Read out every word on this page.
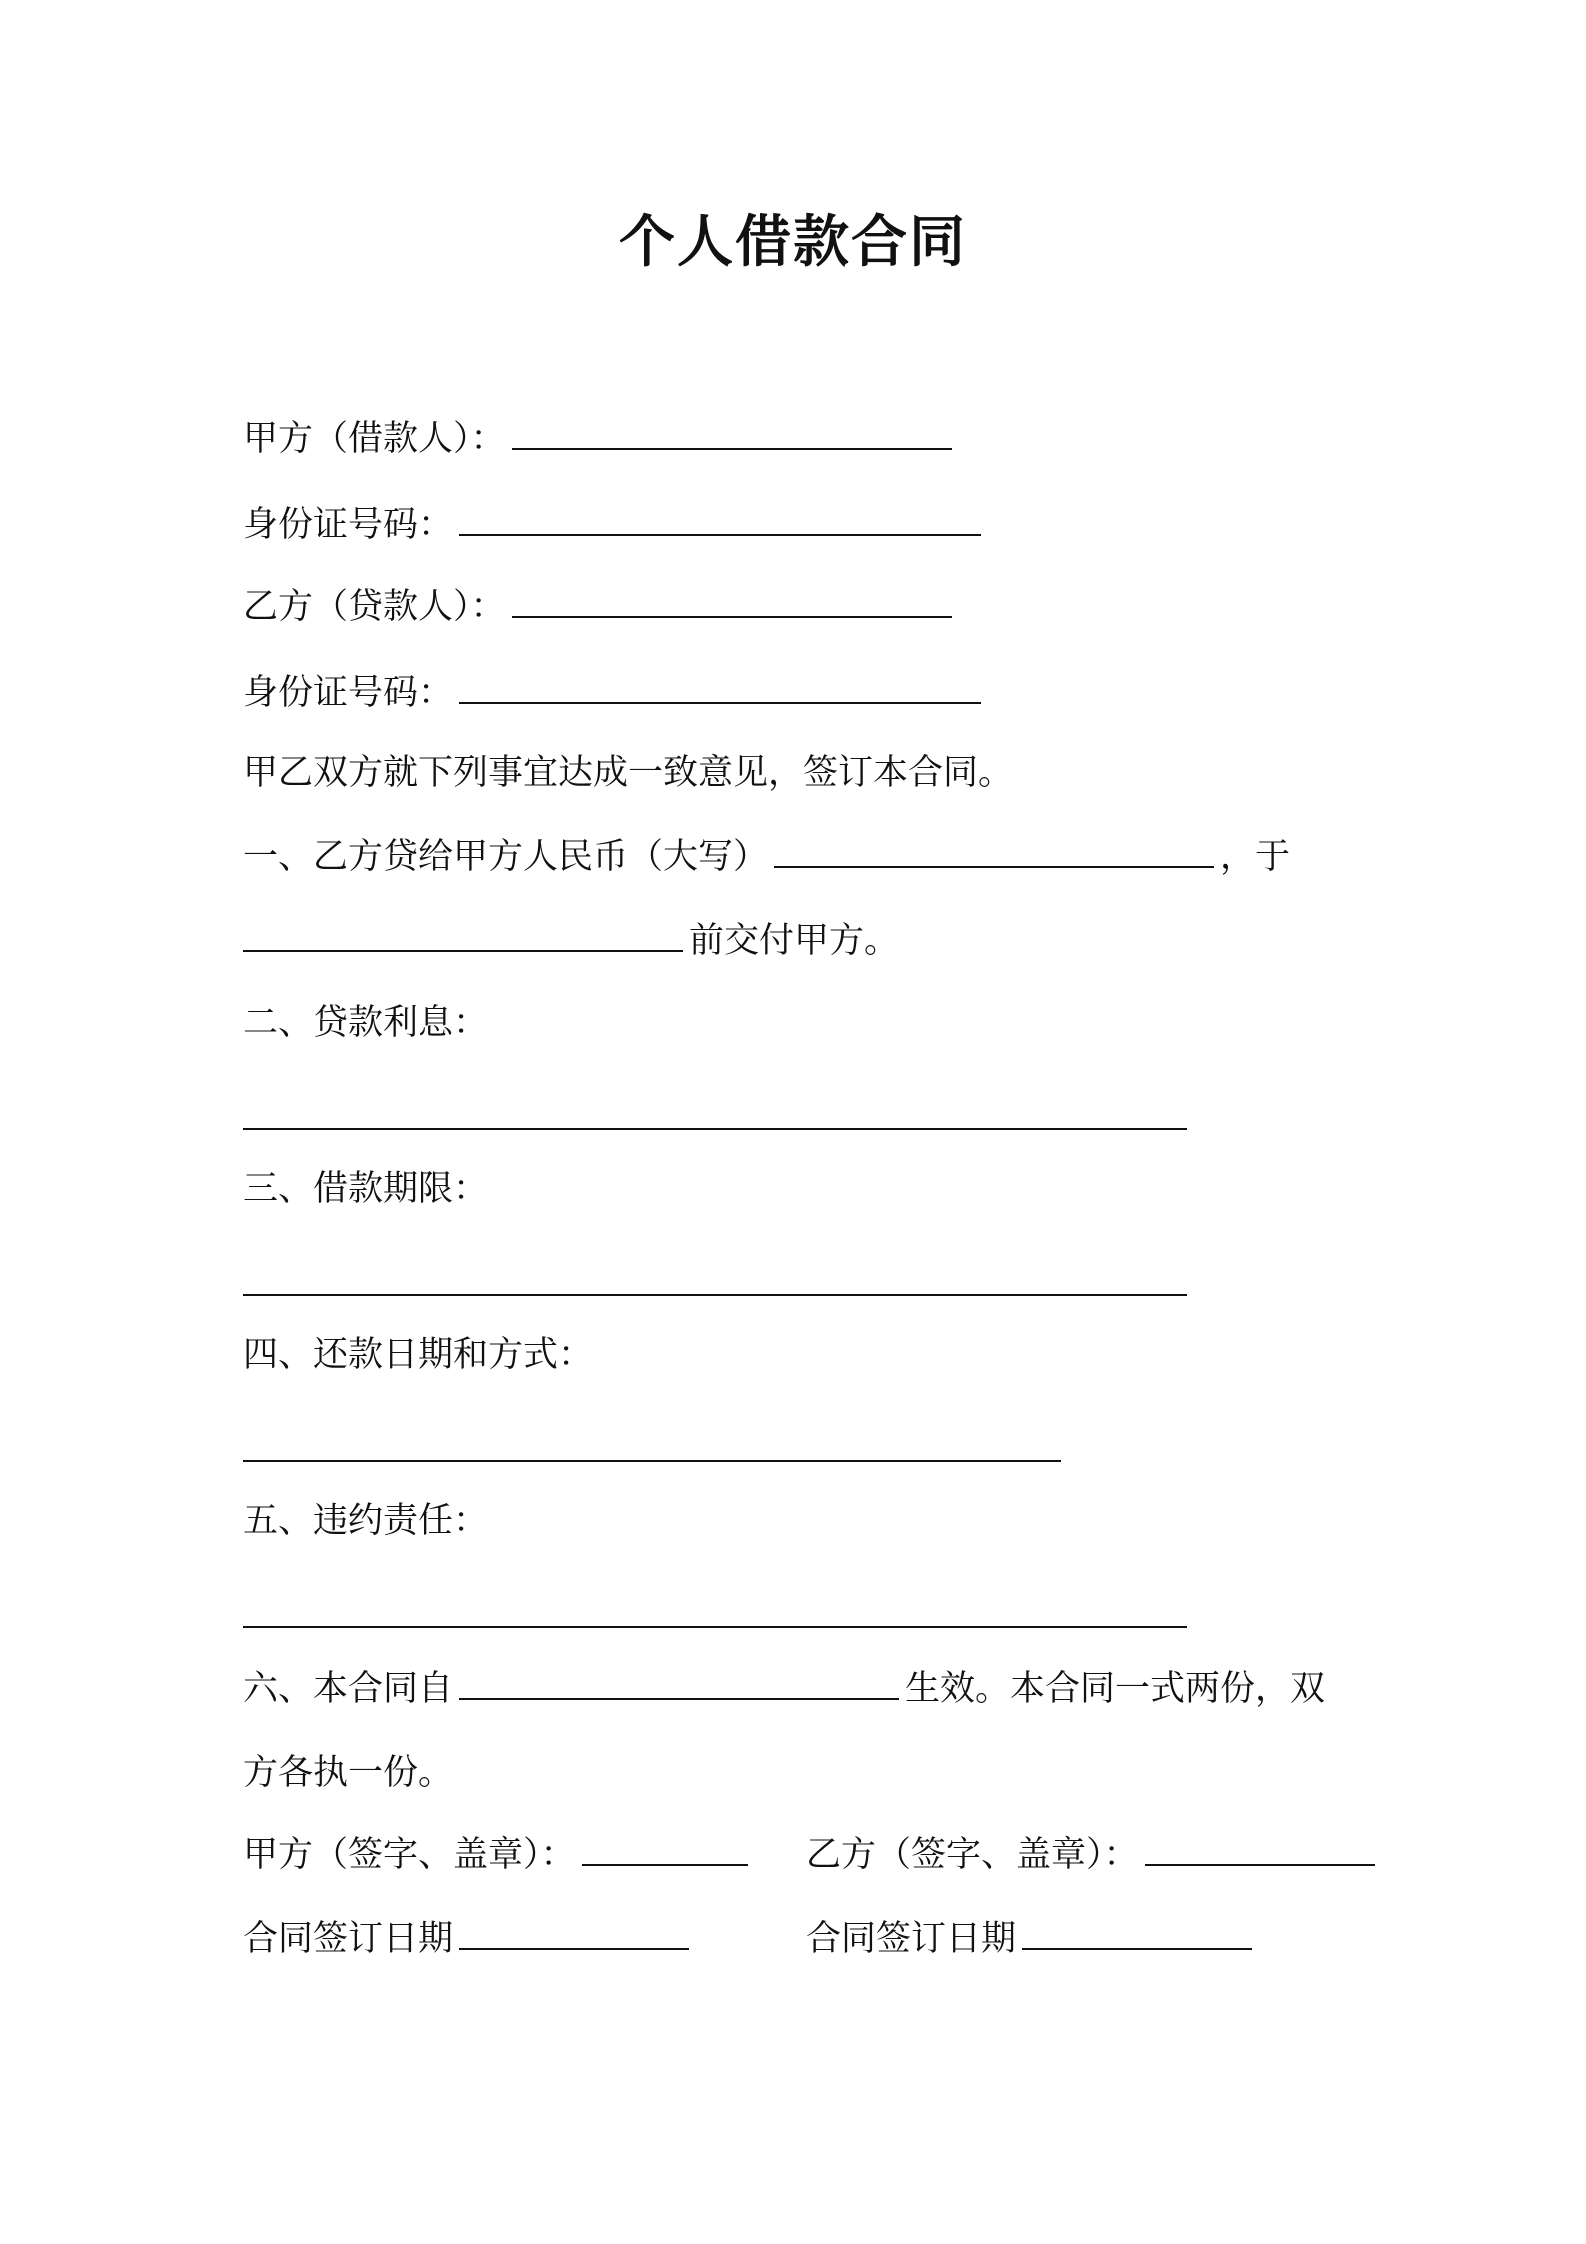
个人借款合同
甲方（借款人）：
身份证号码：
乙方（贷款人）：
身份证号码：
甲乙双方就下列事宜达成一致意见，签订本合同。
一、乙方贷给甲方人民币（大写）	，于
前交付甲方。
二、贷款利息：
三、借款期限：
四、还款日期和方式：
五、违约责任：
六、本合同自	生效。本合同一式两份，双
方各执一份。
甲方（签字、盖章）：	乙方（签字、盖章）：
合同签订日期	合同签订日期
